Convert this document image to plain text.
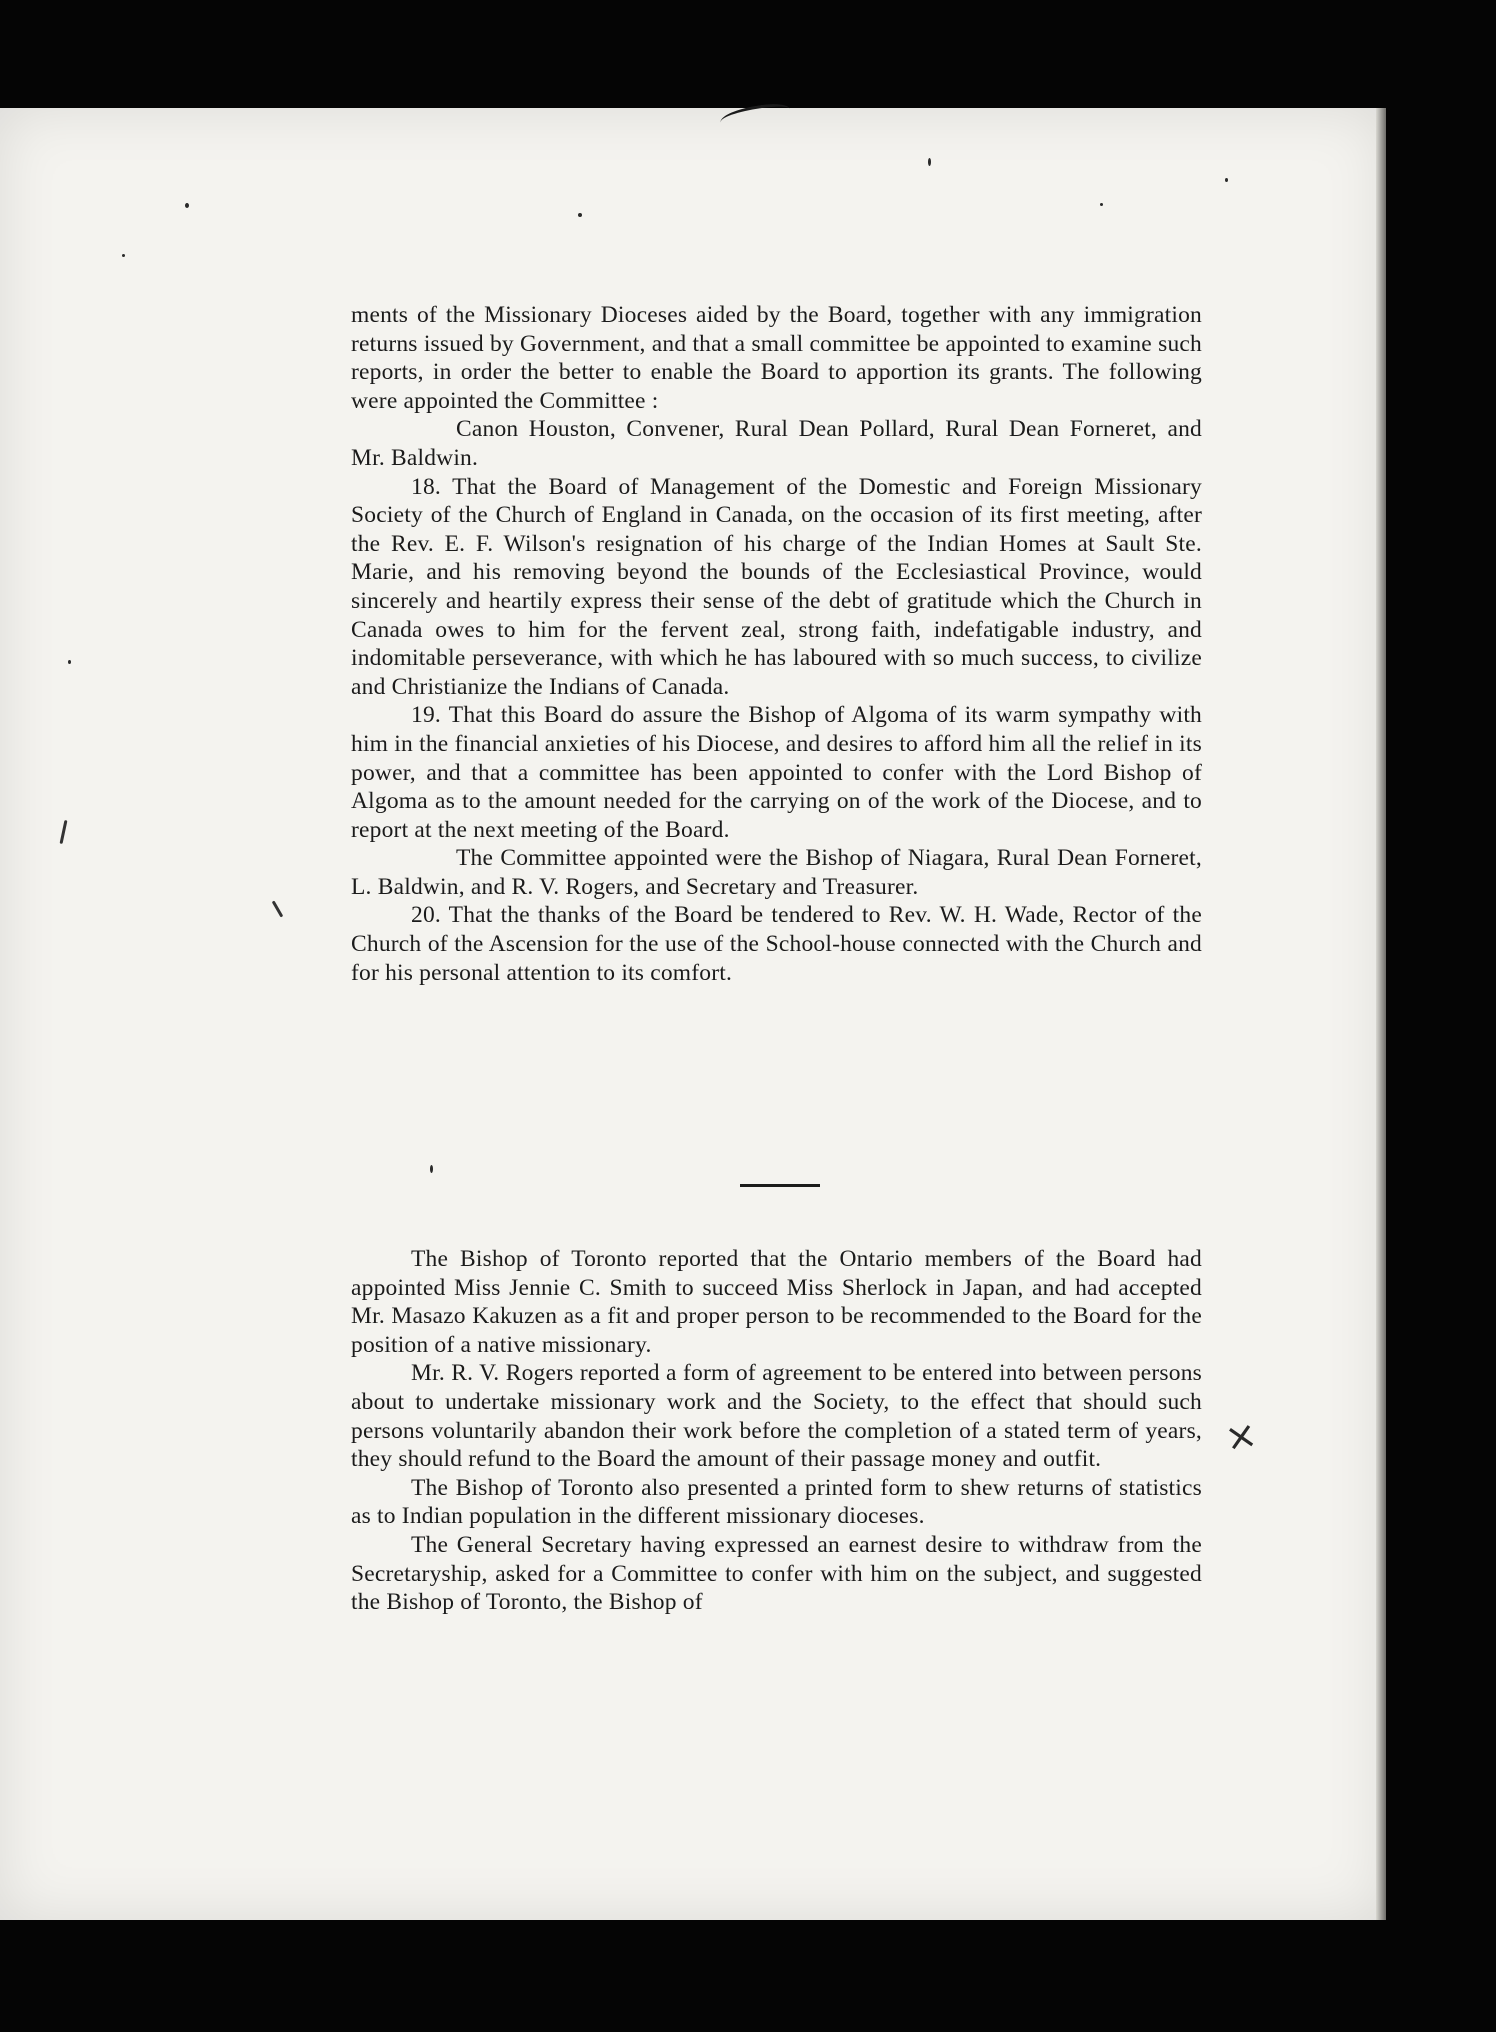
ments of the Missionary Dioceses aided by the Board, together with any immigration returns issued by Government, and that a small committee be appointed to examine such reports, in order the better to enable the Board to apportion its grants. The following were appointed the Committee :

Canon Houston, Convener, Rural Dean Pollard, Rural Dean Forneret, and Mr. Baldwin.

18. That the Board of Management of the Domestic and Foreign Missionary Society of the Church of England in Canada, on the occasion of its first meeting, after the Rev. E. F. Wilson's resignation of his charge of the Indian Homes at Sault Ste. Marie, and his removing beyond the bounds of the Ecclesiastical Province, would sincerely and heartily express their sense of the debt of gratitude which the Church in Canada owes to him for the fervent zeal, strong faith, indefatigable industry, and indomitable perseverance, with which he has laboured with so much success, to civilize and Christianize the Indians of Canada.

19. That this Board do assure the Bishop of Algoma of its warm sympathy with him in the financial anxieties of his Diocese, and desires to afford him all the relief in its power, and that a committee has been appointed to confer with the Lord Bishop of Algoma as to the amount needed for the carrying on of the work of the Diocese, and to report at the next meeting of the Board.

The Committee appointed were the Bishop of Niagara, Rural Dean Forneret, L. Baldwin, and R. V. Rogers, and Secretary and Treasurer.

20. That the thanks of the Board be tendered to Rev. W. H. Wade, Rector of the Church of the Ascension for the use of the School-house connected with the Church and for his personal attention to its comfort.

The Bishop of Toronto reported that the Ontario members of the Board had appointed Miss Jennie C. Smith to succeed Miss Sherlock in Japan, and had accepted Mr. Masazo Kakuzen as a fit and proper person to be recommended to the Board for the position of a native missionary.

Mr. R. V. Rogers reported a form of agreement to be entered into between persons about to undertake missionary work and the Society, to the effect that should such persons voluntarily abandon their work before the completion of a stated term of years, they should refund to the Board the amount of their passage money and outfit.

The Bishop of Toronto also presented a printed form to shew returns of statistics as to Indian population in the different missionary dioceses.

The General Secretary having expressed an earnest desire to withdraw from the Secretaryship, asked for a Committee to confer with him on the subject, and suggested the Bishop of Toronto, the Bishop of

×
